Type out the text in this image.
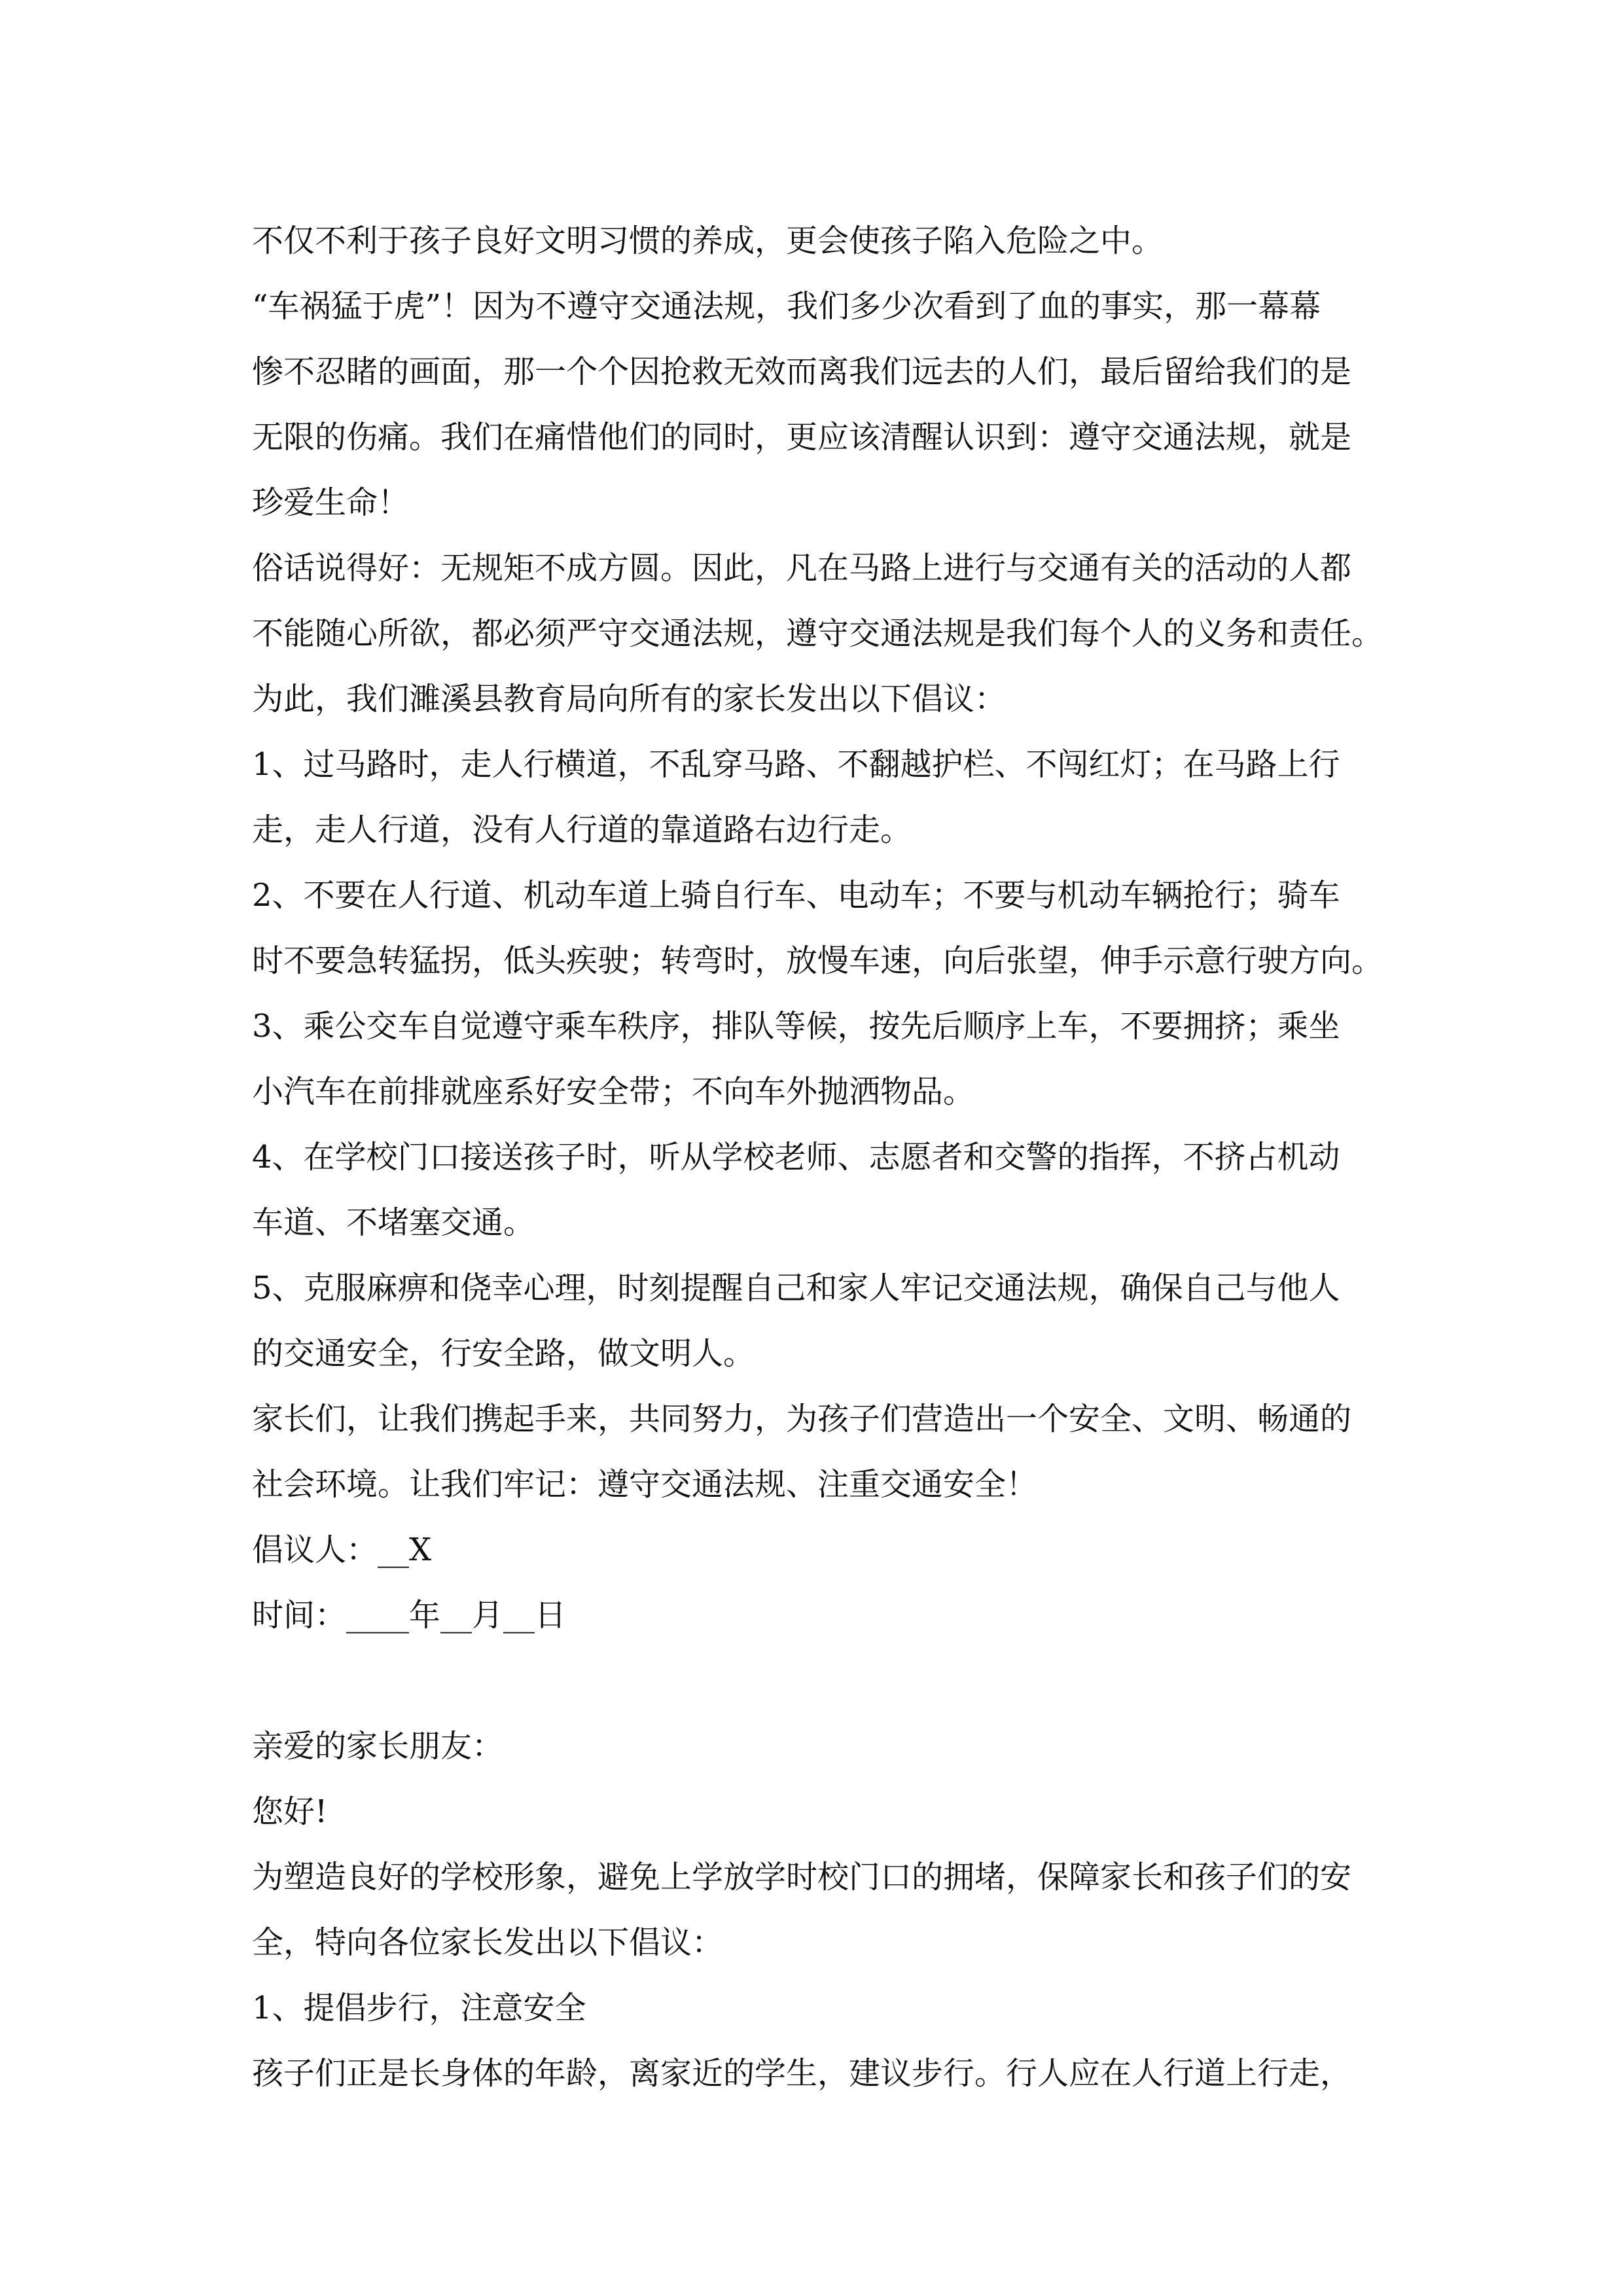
不仅不利于孩子良好文明习惯的养成，更会使孩子陷入危险之中。
“车祸猛于虎”！因为不遵守交通法规，我们多少次看到了血的事实，那一幕幕
惨不忍睹的画面，那一个个因抢救无效而离我们远去的人们，最后留给我们的是
无限的伤痛。我们在痛惜他们的同时，更应该清醒认识到：遵守交通法规，就是
珍爱生命！
俗话说得好：无规矩不成方圆。因此，凡在马路上进行与交通有关的活动的人都
不能随心所欲，都必须严守交通法规，遵守交通法规是我们每个人的义务和责任。
为此，我们濉溪县教育局向所有的家长发出以下倡议：
1、过马路时，走人行横道，不乱穿马路、不翻越护栏、不闯红灯；在马路上行
走，走人行道，没有人行道的靠道路右边行走。
2、不要在人行道、机动车道上骑自行车、电动车；不要与机动车辆抢行；骑车
时不要急转猛拐，低头疾驶；转弯时，放慢车速，向后张望，伸手示意行驶方向。
3、乘公交车自觉遵守乘车秩序，排队等候，按先后顺序上车，不要拥挤；乘坐
小汽车在前排就座系好安全带；不向车外抛洒物品。
4、在学校门口接送孩子时，听从学校老师、志愿者和交警的指挥，不挤占机动
车道、不堵塞交通。
5、克服麻痹和侥幸心理，时刻提醒自己和家人牢记交通法规，确保自己与他人
的交通安全，行安全路，做文明人。
家长们，让我们携起手来，共同努力，为孩子们营造出一个安全、文明、畅通的
社会环境。让我们牢记：遵守交通法规、注重交通安全！
倡议人：__X
时间：____年__月__日
亲爱的家长朋友：
您好!
为塑造良好的学校形象，避免上学放学时校门口的拥堵，保障家长和孩子们的安
全，特向各位家长发出以下倡议：
1、提倡步行，注意安全
孩子们正是长身体的年龄，离家近的学生，建议步行。行人应在人行道上行走，
